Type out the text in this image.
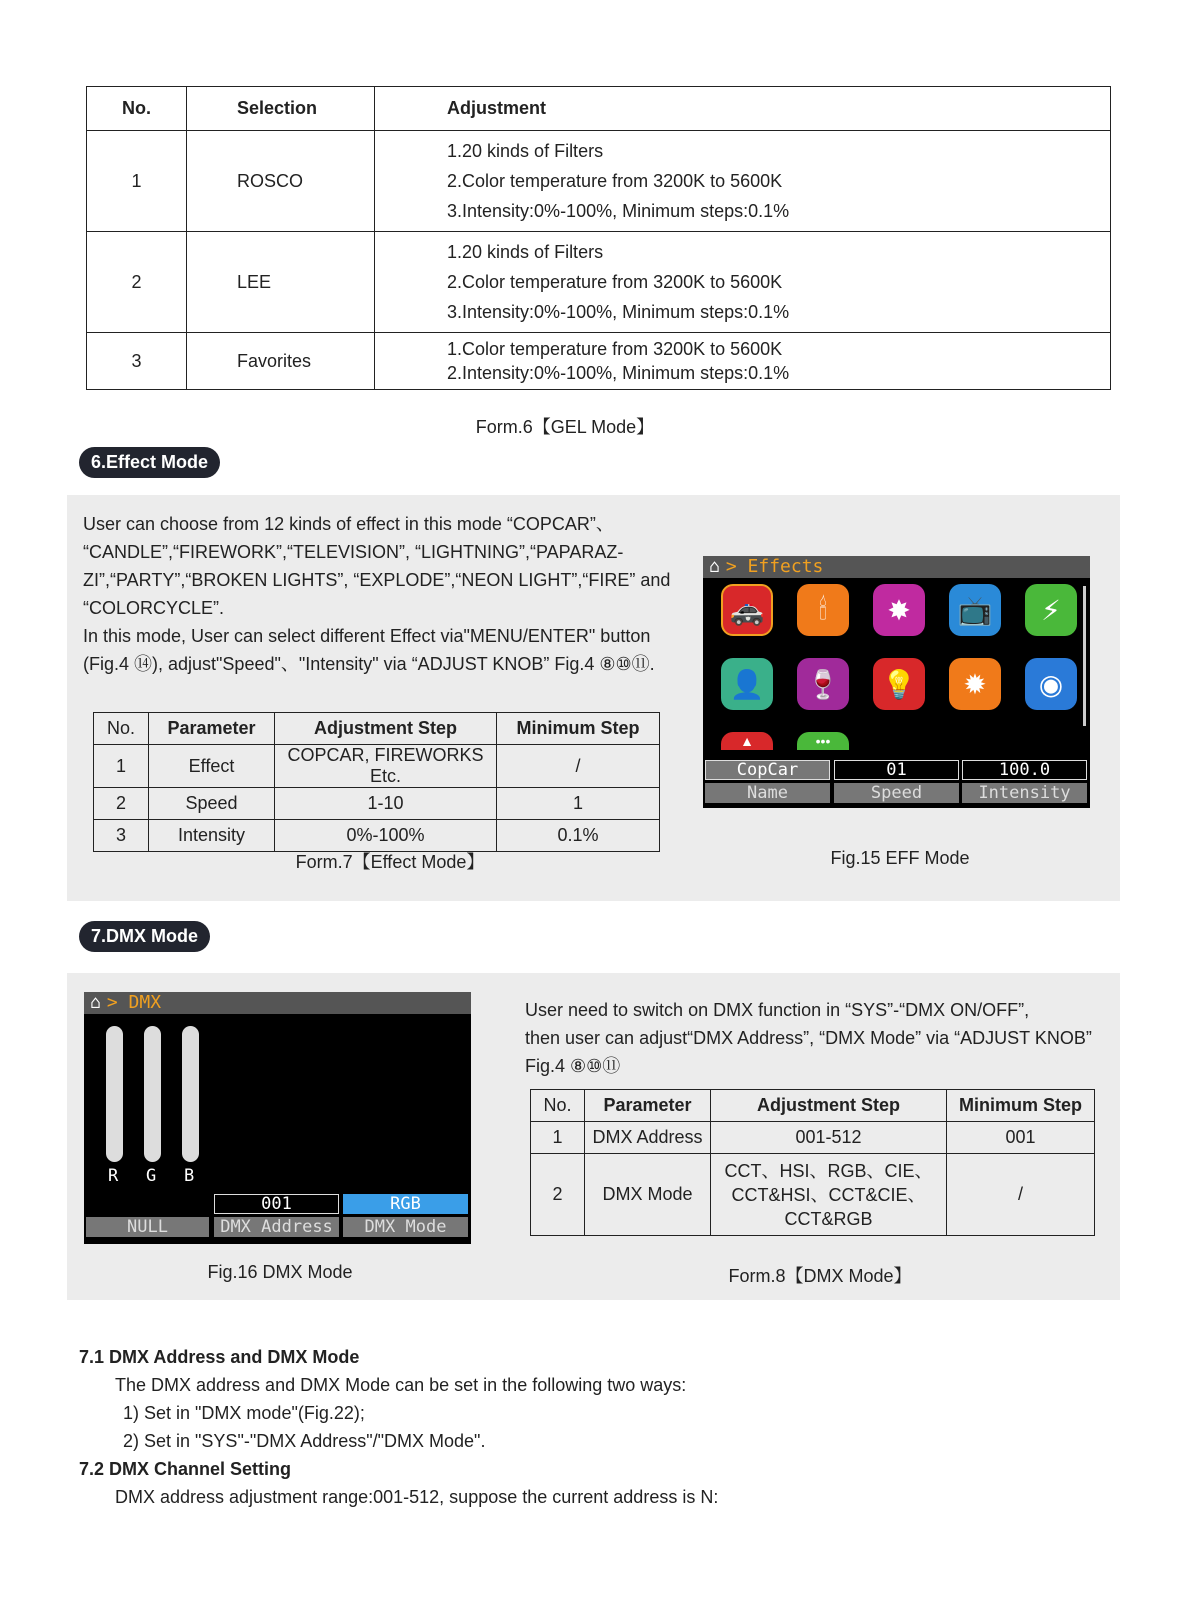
No.	Selection	Adjustment
1	ROSCO	1.20 kinds of Filters
2.Color temperature from 3200K to 5600K
3.Intensity:0%-100%, Minimum steps:0.1%

2	LEE	1.20 kinds of Filters
2.Color temperature from 3200K to 5600K
3.Intensity:0%-100%, Minimum steps:0.1%

3	Favorites	1.Color temperature from 3200K to 5600K
2.Intensity:0%-100%, Minimum steps:0.1%
Form.6【GEL Mode】
6.Effect Mode
User can choose from 12 kinds of effect in this mode “COPCAR”、
“CANDLE”,“FIREWORK”,“TELEVISION”, “LIGHTNING”,“PAPARAZ-
ZI”,“PARTY”,“BROKEN LIGHTS”, “EXPLODE”,“NEON LIGHT”,“FIRE” and
“COLORCYCLE”.
In this mode, User can select different Effect via"MENU/ENTER" button
(Fig.4 ⑭), adjust"Speed"、"Intensity" via “ADJUST KNOB” Fig.4 ⑧⑩⑪.
No.	Parameter	Adjustment Step	Minimum Step
1	Effect	COPCAR, FIREWORKS Etc.	/
2	Speed	1-10	1
3	Intensity	0%-100%	0.1%
Form.7【Effect Mode】
⌂ > Effects
🚓	🕯	✸	📺	⚡
👤	🍷	💡	✹	◉
▲	•••
CopCar	01	100.0
Name	Speed	Intensity
Fig.15 EFF Mode
7.DMX Mode
⌂ > DMX
R G B
001	RGB
NULL	DMX Address	DMX Mode
Fig.16 DMX Mode
User need to switch on DMX function in “SYS”-“DMX ON/OFF”,
then user can adjust“DMX Address”, “DMX Mode” via “ADJUST KNOB”
Fig.4 ⑧⑩⑪
No.	Parameter	Adjustment Step	Minimum Step
1	DMX Address	001-512	001
2	DMX Mode	CCT、HSI、RGB、CIE、
CCT&HSI、CCT&CIE、
CCT&RGB	/
Form.8【DMX Mode】
7.1 DMX Address and DMX Mode
The DMX address and DMX Mode can be set in the following two ways:
1) Set in "DMX mode"(Fig.22);
2) Set in "SYS"-"DMX Address"/"DMX Mode".
7.2 DMX Channel Setting
DMX address adjustment range:001-512, suppose the current address is N:
